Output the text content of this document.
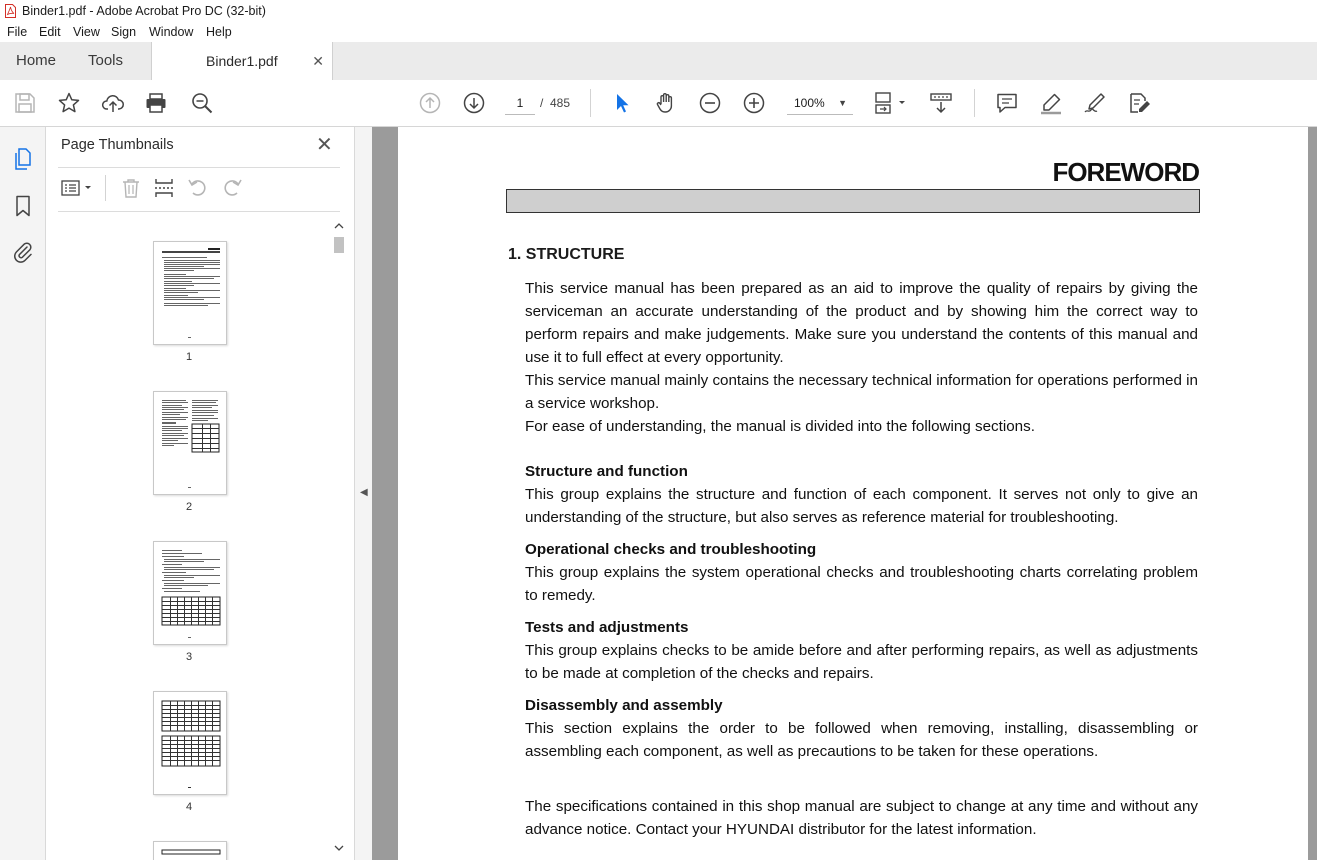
Binder1.pdf - Adobe Acrobat Pro DC (32-bit)
File Edit View Sign Window Help
Home Tools	Binder1.pdf ✕
1	/ 485	100% ▼
Page Thumbnails	✕
1
2
3
4
◀
FOREWORD
1. STRUCTURE
This service manual has been prepared as an aid to improve the quality of repairs by giving the serviceman an accurate understanding of the product and by showing him the correct way to perform repairs and make judgements. Make sure you understand the contents of this manual and use it to full effect at every opportunity.
This service manual mainly contains the necessary technical information for operations performed in a service workshop.
For ease of understanding, the manual is divided into the following sections.
Structure and function
This group explains the structure and function of each component. It serves not only to give an understanding of the structure, but also serves as reference material for troubleshooting.
Operational checks and troubleshooting
This group explains the system operational checks and troubleshooting charts correlating problem to remedy.
Tests and adjustments
This group explains checks to be amide before and after performing repairs, as well as adjustments to be made at completion of the checks and repairs.
Disassembly and assembly
This section explains the order to be followed when removing, installing, disassembling or assembling each component, as well as precautions to be taken for these operations.
The specifications contained in this shop manual are subject to change at any time and without any advance notice. Contact your HYUNDAI distributor for the latest information.
